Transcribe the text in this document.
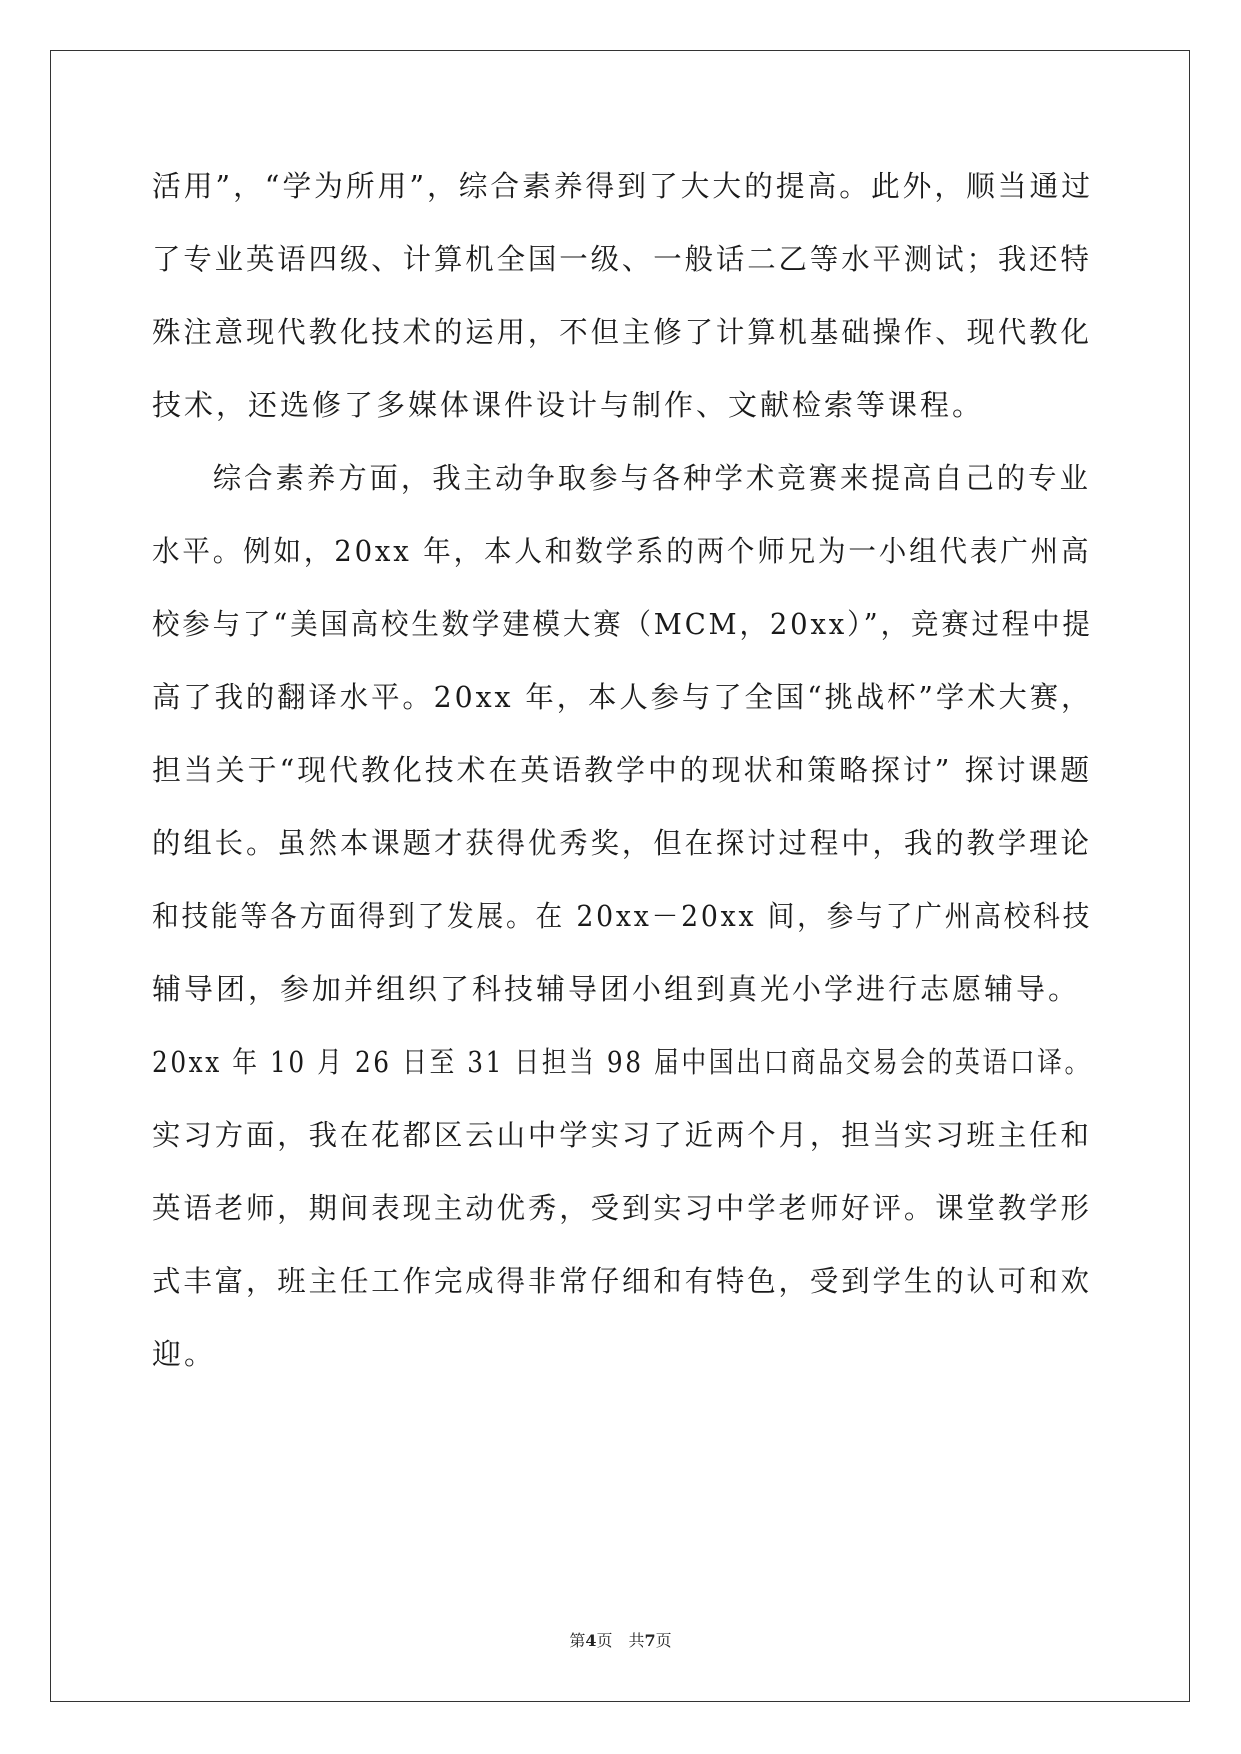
活用”，“学为所用”，综合素养得到了大大的提高。此外，顺当通过
了专业英语四级、计算机全国一级、一般话二乙等水平测试；我还特
殊注意现代教化技术的运用，不但主修了计算机基础操作、现代教化
技术，还选修了多媒体课件设计与制作、文献检索等课程。
综合素养方面，我主动争取参与各种学术竞赛来提高自己的专业
水平。例如，20xx 年，本人和数学系的两个师兄为一小组代表广州高
校参与了“美国高校生数学建模大赛（MCM，20xx）”，竞赛过程中提
高了我的翻译水平。20xx 年，本人参与了全国“挑战杯”学术大赛，
担当关于“现代教化技术在英语教学中的现状和策略探讨” 探讨课题
的组长。虽然本课题才获得优秀奖，但在探讨过程中，我的教学理论
和技能等各方面得到了发展。在 20xx－20xx 间，参与了广州高校科技
辅导团，参加并组织了科技辅导团小组到真光小学进行志愿辅导。
20xx 年 10 月 26 日至 31 日担当 98 届中国出口商品交易会的英语口译。
实习方面，我在花都区云山中学实习了近两个月，担当实习班主任和
英语老师，期间表现主动优秀，受到实习中学老师好评。课堂教学形
式丰富，班主任工作完成得非常仔细和有特色，受到学生的认可和欢
迎。
第4页 共7页
